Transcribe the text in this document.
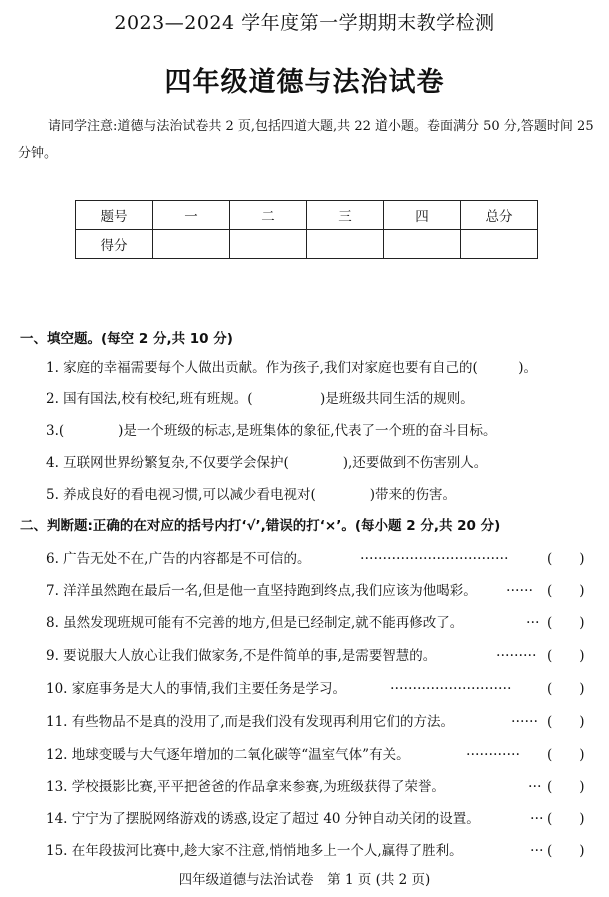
2023—2024 学年度第一学期期末教学检测
四年级道德与法治试卷
请同学注意:道德与法治试卷共 2 页,包括四道大题,共 22 道小题。卷面满分 50 分,答题时间 25 分钟。
题号	一	二	三	四	总分
得分					
一、填空题。(每空 2 分,共 10 分)
1. 家庭的幸福需要每个人做出贡献。作为孩子,我们对家庭也要有自己的(　　　)。
2. 国有国法,校有校纪,班有班规。(　　　　　)是班级共同生活的规则。
3.(　　　　)是一个班级的标志,是班集体的象征,代表了一个班的奋斗目标。
4. 互联网世界纷繁复杂,不仅要学会保护(　　　　),还要做到不伤害别人。
5. 养成良好的看电视习惯,可以减少看电视对(　　　　)带来的伤害。
二、判断题:正确的在对应的括号内打‘√’,错误的打‘×’。(每小题 2 分,共 20 分)
6. 广告无处不在,广告的内容都是不可信的。	……………………………	(　　)
7. 洋洋虽然跑在最后一名,但是他一直坚持跑到终点,我们应该为他喝彩。 …… (　　)
8. 虽然发现班规可能有不完善的地方,但是已经制定,就不能再修改了。	… (　　)
9. 要说服大人放心让我们做家务,不是件简单的事,是需要智慧的。	……… (　　)
10. 家庭事务是大人的事情,我们主要任务是学习。	………………………	(　　)
11. 有些物品不是真的没用了,而是我们没有发现再利用它们的方法。	…… (　　)
12. 地球变暖与大气逐年增加的二氧化碳等“温室气体”有关。	………… (　　)
13. 学校摄影比赛,平平把爸爸的作品拿来参赛,为班级获得了荣誉。	… (　　)
14. 宁宁为了摆脱网络游戏的诱惑,设定了超过 40 分钟自动关闭的设置。	… (　　)
15. 在年段拔河比赛中,趁大家不注意,悄悄地多上一个人,赢得了胜利。	… (　　)
四年级道德与法治试卷　第 1 页 (共 2 页)
